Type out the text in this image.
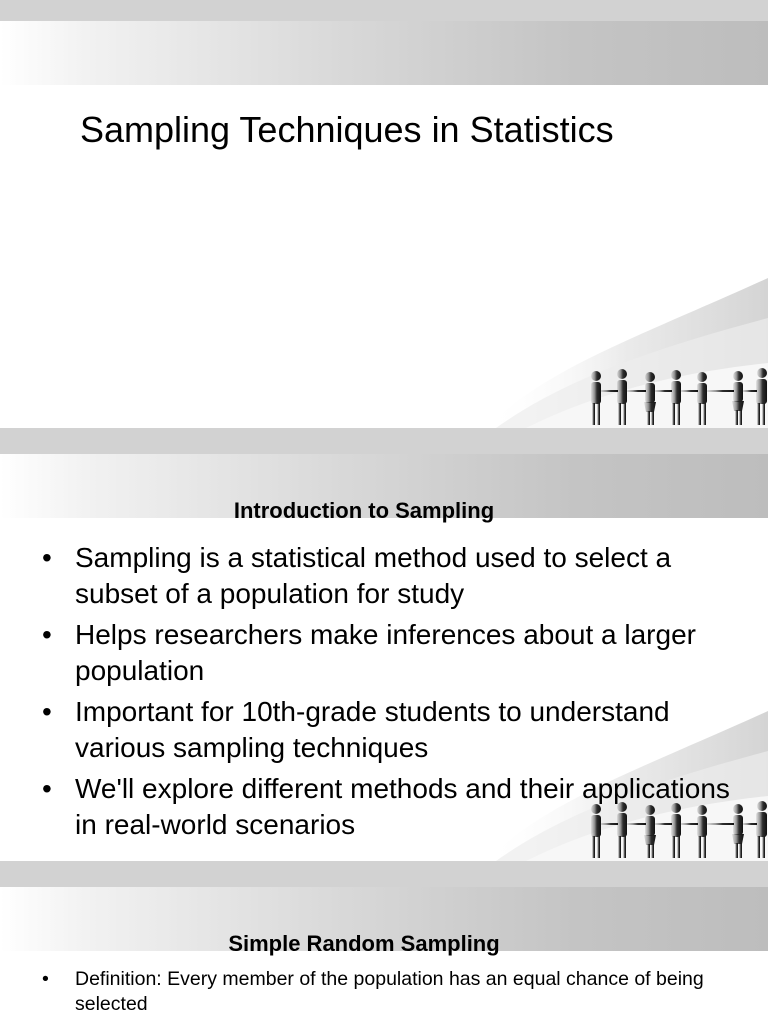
Sampling Techniques in Statistics
Introduction to Sampling
• Sampling is a statistical method used to select a subset of a population for study
• Helps researchers make inferences about a larger population
• Important for 10th-grade students to understand various sampling techniques
• We'll explore different methods and their applications in real-world scenarios
Simple Random Sampling
• Definition: Every member of the population has an equal chance of being selected
